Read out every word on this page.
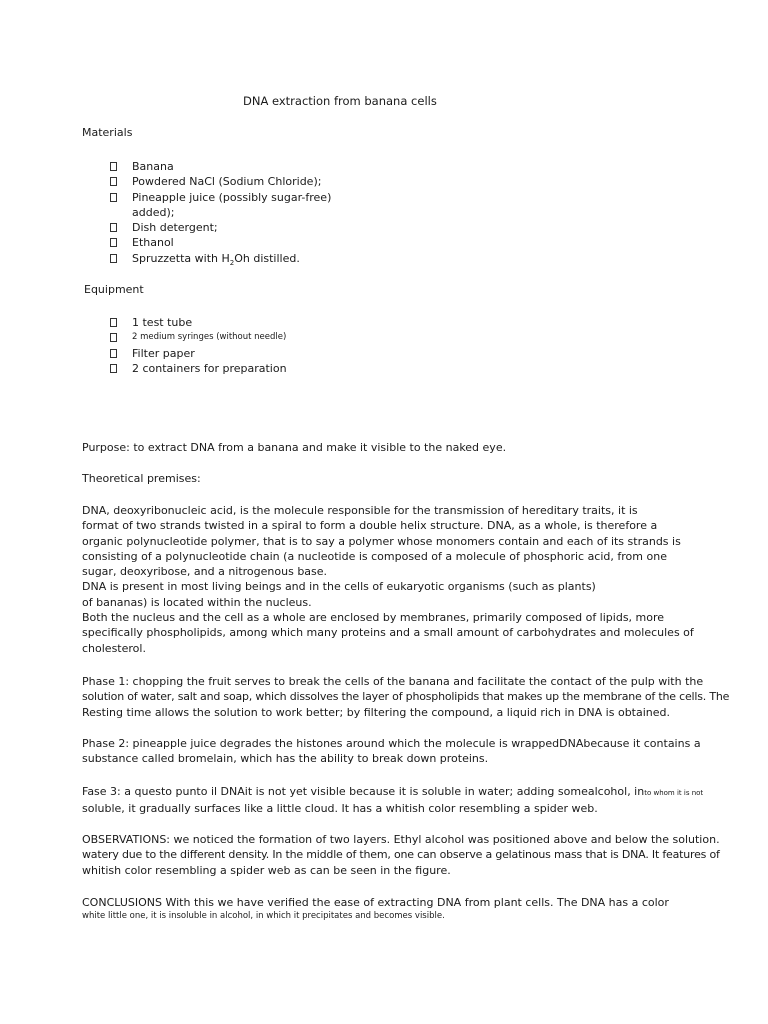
DNA extraction from banana cells

Materials

Banana
Powdered NaCl (Sodium Chloride);
Pineapple juice (possibly sugar-free)
added);
Dish detergent;
Ethanol
Spruzzetta with $H_2Oh$ distilled.

Equipment

1 test tube
2 medium syringes (without needle)
Filter paper
2 containers for preparation

Purpose: to extract DNA from a banana and make it visible to the naked eye.

Theoretical premises:

DNA, deoxyribonucleic acid, is the molecule responsible for the transmission of hereditary traits, it is
format of two strands twisted in a spiral to form a double helix structure. DNA, as a whole, is therefore a
organic polynucleotide polymer, that is to say a polymer whose monomers contain and each of its strands is
consisting of a polynucleotide chain (a nucleotide is composed of a molecule of phosphoric acid, from one
sugar, deoxyribose, and a nitrogenous base.
DNA is present in most living beings and in the cells of eukaryotic organisms (such as plants)
of bananas) is located within the nucleus.
Both the nucleus and the cell as a whole are enclosed by membranes, primarily composed of lipids, more
specifically phospholipids, among which many proteins and a small amount of carbohydrates and molecules of
cholesterol.
Phase 1: chopping the fruit serves to break the cells of the banana and facilitate the contact of the pulp with the
solution of water, salt and soap, which dissolves the layer of phospholipids that makes up the membrane of the cells. The
Resting time allows the solution to work better; by filtering the compound, a liquid rich in DNA is obtained.
Phase 2: pineapple juice degrades the histones around which the molecule is wrappedDNAbecause it contains a
substance called bromelain, which has the ability to break down proteins.
Fase 3: a questo punto il DNAit is not yet visible because it is soluble in water; adding somealcohol, into whom it is not
soluble, it gradually surfaces like a little cloud. It has a whitish color resembling a spider web.
OBSERVATIONS: we noticed the formation of two layers. Ethyl alcohol was positioned above and below the solution.
watery due to the different density. In the middle of them, one can observe a gelatinous mass that is DNA. It features of
whitish color resembling a spider web as can be seen in the figure.
CONCLUSIONS With this we have verified the ease of extracting DNA from plant cells. The DNA has a color
white little one, it is insoluble in alcohol, in which it precipitates and becomes visible.
